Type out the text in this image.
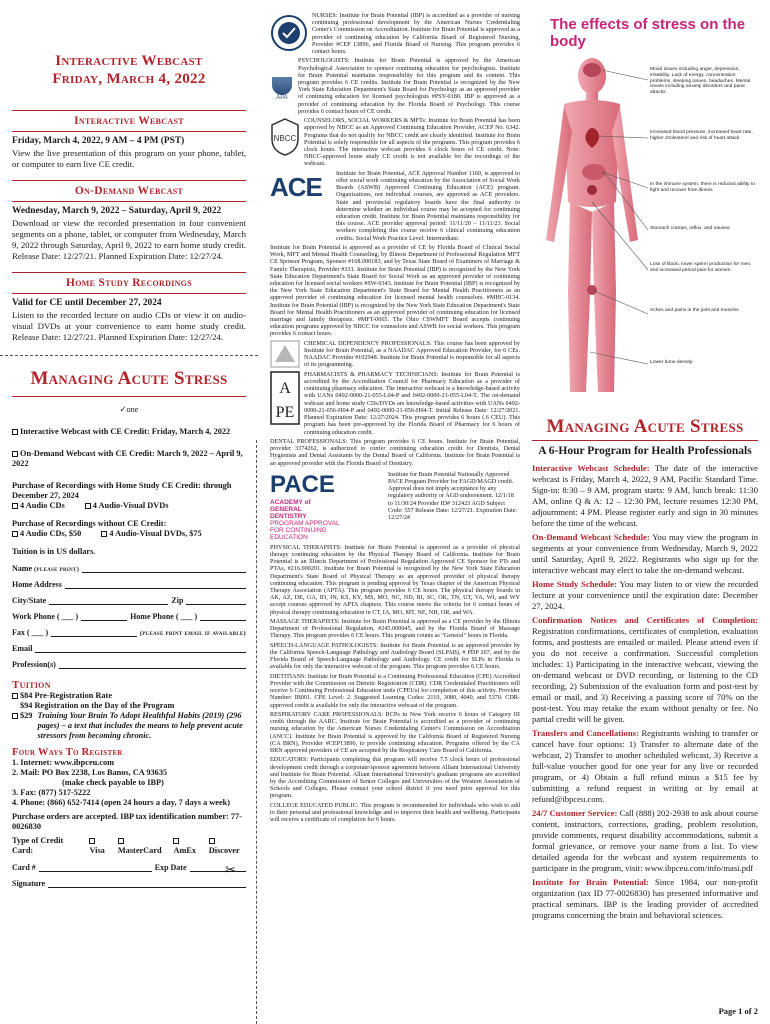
Interactive Webcast
Friday, March 4, 2022
Interactive Webcast
Friday, March 4, 2022, 9 AM – 4 PM (PST)
View the live presentation of this program on your phone, tablet, or computer to earn live CE credit.
On-Demand Webcast
Wednesday, March 9, 2022 – Saturday, April 9, 2022
Download or view the recorded presentation in four convenient segments on a phone, tablet, or computer from Wednesday, March 9, 2022 through Saturday, April 9, 2022 to earn home study credit. Release Date: 12/27/21. Planned Expiration Date: 12/27/24.
Home Study Recordings
Valid for CE until December 27, 2024
Listen to the recorded lecture on audio CDs or view it on audio-visual DVDs at your convenience to earn home study credit. Release Date: 12/27/21. Planned Expiration Date: 12/27/24.
Managing Acute Stress
✓one
Interactive Webcast with CE Credit: Friday, March 4, 2022
On-Demand Webcast with CE Credit: March 9, 2022 – April 9, 2022
Purchase of Recordings with Home Study CE Credit: through December 27, 2024
4 Audio CDs	4 Audio-Visual DVDs
Purchase of Recordings without CE Credit:
4 Audio CDs, $50	4 Audio-Visual DVDs, $75
Tuition is in US dollars.
Name
(please print)
Home Address
City/State	Zip
Work Phone ( ___ )	Home Phone ( ___ )
Fax ( ___ )	(please print email if available)
Email
Profession(s)
Tuition
$84 Pre-Registration Rate
$94 Registration on the Day of the Program
$29 Training Your Brain To Adopt Healthful Habits (2019) (296 pages) – a text that includes the means to help prevent acute stressors from becoming chronic.
Four Ways To Register
1. Internet: www.ibpceu.com
2. Mail: PO Box 2238, Los Banos, CA 93635
(make check payable to IBP)
3. Fax: (877) 517-5222
4. Phone: (866) 652-7414 (open 24 hours a day, 7 days a week)
Purchase orders are accepted. IBP tax identification number: 77-0026830
Type of Credit Card:	Visa	MasterCard	AmEx	Discover
Card #	Exp Date
Signature
✂
NURSES: Institute for Brain Potential (IBP) is accredited as a provider of nursing continuing professional development by the American Nurses Credentialing Center's Commission on Accreditation. Institute for Brain Potential is approved as a provider of continuing education by California Board of Registered Nursing, Provider #CEP 13896, and Florida Board of Nursing. This program provides 6 contact hours.
APA
PSYCHOLOGISTS: Institute for Brain Potential is approved by the American Psychological Association to sponsor continuing education for psychologists. Institute for Brain Potential maintains responsibility for this program and its content. This program provides 6 CE credits. Institute for Brain Potential is recognized by the New York State Education Department's State Board for Psychology as an approved provider of continuing education for licensed psychologists #PSY-0180. IBP is approved as a provider of continuing education by the Florida Board of Psychology. This course provides 6 contact hours of CE credit.
NBCC
COUNSELORS, SOCIAL WORKERS & MFTs: Institute for Brain Potential has been approved by NBCC as an Approved Continuing Education Provider, ACEP No. 6342. Programs that do not qualify for NBCC credit are clearly identified. Institute for Brain Potential is solely responsible for all aspects of the programs. This program provides 6 clock hours. The interactive webcast provides 6 clock hours of CE credit. Note: NBCC-approved home study CE credit is not available for the recordings of the webcast.
ACE	Institute for Brain Potential, ACE Approval Number 1160, is approved to offer social work continuing education by the Association of Social Work Boards (ASWB) Approved Continuing Education (ACE) program. Organizations, not individual courses, are approved as ACE providers. State and provincial regulatory boards have the final authority to determine whether an individual course may be accepted for continuing education credit. Institute for Brain Potential maintains responsibility for this course. ACE provider approval period: 11/11/20 – 11/11/23. Social workers completing this course receive 6 clinical continuing education credits. Social Work Practice Level: Intermediate.
Institute for Brain Potential is approved as a provider of CE by Florida Board of Clinical Social Work, MFT and Mental Health Counseling; by Illinois Department of Professional Regulation MFT CE Sponsor Program, Sponsor #168.000183, and by Texas State Board of Examiners of Marriage & Family Therapists, Provider #331. Institute for Brain Potential (IBP) is recognized by the New York State Education Department's State Board for Social Work as an approved provider of continuing education for licensed social workers #SW-0343. Institute for Brain Potential (IBP) is recognized by the New York State Education Department's State Board for Mental Health Practitioners as an approved provider of continuing education for licensed mental health counselors. #MHC-0134. Institute for Brain Potential (IBP) is recognized by the New York State Education Department's State Board for Mental Health Practitioners as an approved provider of continuing education for licensed marriage and family therapists. #MFT-0065. The Ohio CSWMFT Board accepts continuing education programs approved by NBCC for counselors and ASWB for social workers. This program provides 6 contact hours.
CHEMICAL DEPENDENCY PROFESSIONALS: This course has been approved by Institute for Brain Potential, as a NAADAC Approved Education Provider, for 6 CEs. NAADAC Provider #102948. Institute for Brain Potential is responsible for all aspects of its programming.
A
PE
PHARMACISTS & PHARMACY TECHNICIANS: Institute for Brain Potential is accredited by the Accreditation Council for Pharmacy Education as a provider of continuing pharmacy education. The interactive webcast is a knowledge-based activity with UANs 0492-0000-21-055-L04-P and 0492-0000-21-055-L04-T. The on-demand webcast and home study CDs/DVDs are knowledge-based activities with UANs 0492-0000-21-056-H04-P and 0492-0000-21-056-H04-T. Initial Release Date: 12/27/2021. Planned Expiration Date: 12/27/2024. This program provides 6 hours (.6 CEU). This program has been pre-approved by the Florida Board of Pharmacy for 6 hours of continuing education credit.
DENTAL PROFESSIONALS: This program provides 6 CE hours. Institute for Brain Potential, provider 3374262, is authorized to confer continuing education credit for Dentists, Dental Hygienists and Dental Assistants by the Dental Board of California. Institute for Brain Potential is an approved provider with the Florida Board of Dentistry.
PACE
ACADEMY of GENERAL DENTISTRY
PROGRAM APPROVAL FOR CONTINUING EDUCATION
Institute for Brain Potential Nationally Approved PACE Program Provider for FAGD/MAGD credit. Approval does not imply acceptance by any regulatory authority or AGD endorsement. 12/1/18 to 11/30/24 Provider ID# 312423 AGD Subject Code: 557 Release Date: 12/27/21. Expiration Date: 12/27/24
PHYSICAL THERAPISTS: Institute for Brain Potential is approved as a provider of physical therapy continuing education by the Physical Therapy Board of California. Institute for Brain Potential is an Illinois Department of Professional Regulation Approved CE Sponsor for PTs and PTAs, #216.000201. Institute for Brain Potential is recognized by the New York State Education Department's State Board of Physical Therapy as an approved provider of physical therapy continuing education. This program is pending approval by Texas chapter of the American Physical Therapy Association (APTA). This program provides 6 CE hours. The physical therapy boards in AK, AZ, DE, GA, ID, IN, KS, KY, MS, MO, NC, ND, RI, SC, OK, TN, UT, VA, WI, and WY accept courses approved by APTA chapters. This course meets the criteria for 6 contact hours of physical therapy continuing education in CT, IA, MO, MT, NE, NH, OR, and WA.
MASSAGE THERAPISTS: Institute for Brain Potential is approved as a CE provider by the Illinois Department of Professional Regulation, #245.000045, and by the Florida Board of Massage Therapy. This program provides 6 CE hours. This program counts as "General" hours in Florida.
SPEECH-LANGUAGE PATHOLOGISTS: Institute for Brain Potential is an approved provider by the California Speech-Language Pathology and Audiology Board (SLPAB), # PDP 267, and by the Florida Board of Speech-Language Pathology and Audiology. CE credit for SLPs in Florida is available for only the interactive webcast of the program. This program provides 6 CE hours.
DIETITIANS: Institute for Brain Potential is a Continuing Professional Education (CPE) Accredited Provider with the Commission on Dietetic Registration (CDR). CDR Credentialed Practitioners will receive 6 Continuing Professional Education units (CPEUs) for completion of this activity. Provider Number: IB001. CPE Level: 2. Suggested Learning Codes: 2110, 3080, 4040, and 5370. CDR-approved credit is available for only the interactive webcast of the program.
RESPIRATORY CARE PROFESSIONALS: RCPs in New York receive 6 hours of Category III credit through the AARC. Institute for Brain Potential is accredited as a provider of continuing nursing education by the American Nurses Credentialing Center's Commission on Accreditation (ANCC). Institute for Brain Potential is approved by the California Board of Registered Nursing (CA BRN), Provider #CEP13896, to provide continuing education. Programs offered by the CA BRN approved providers of CE are accepted by the Respiratory Care Board of California.
EDUCATORS: Participants completing this program will receive 7.5 clock hours of professional development credit through a corporate/sponsor agreement between Alliant International University and Institute for Brain Potential. Alliant International University's graduate programs are accredited by the Accrediting Commission of Senior Colleges and Universities of the Western Association of Schools and Colleges. Please contact your school district if you need prior approval for this program.
COLLEGE EDUCATED PUBLIC: This program is recommended for individuals who wish to add to their personal and professional knowledge and to improve their health and wellbeing. Participants will receive a certificate of completion for 6 hours.
The effects of stress on the body
Mood issues including anger, depression, irritability. Lack of energy, concentration problems, sleeping issues, headaches. Mental issues including anxiety disorders and panic attacks.
Increased blood pressure, increased heart rate, higher cholesterol and risk of heart attack
In the immune system, there is reduced ability to fight and recover from illness
Stomach cramps, reflux, and nausea
Loss of libido, lower sperm production for men, and increased period pain for women
Aches and pains in the joint and muscles
Lower bone density
Managing Acute Stress
A 6-Hour Program for Health Professionals
Interactive Webcast Schedule: The date of the interactive webcast is Friday, March 4, 2022, 9 AM, Pacific Standard Time. Sign-in: 8:30 – 9 AM, program starts: 9 AM, lunch break: 11:30 AM, online Q & A: 12 – 12:30 PM, lecture resumes 12:30 PM, adjournment: 4 PM. Please register early and sign in 30 minutes before the time of the webcast.
On-Demand Webcast Schedule: You may view the program in segments at your convenience from Wednesday, March 9, 2022 until Saturday, April 9, 2022. Registrants who sign up for the interactive webcast may elect to take the on-demand webcast.
Home Study Schedule: You may listen to or view the recorded lecture at your convenience until the expiration date: December 27, 2024.
Confirmation Notices and Certificates of Completion: Registration confirmations, certificates of completion, evaluation forms, and posttests are emailed or mailed. Please attend even if you do not receive a confirmation. Successful completion includes: 1) Participating in the interactive webcast, viewing the on-demand webcast or DVD recording, or listening to the CD recording, 2) Submission of the evaluation form and post-test by email or mail, and 3) Receiving a passing score of 70% on the post-test. You may retake the exam without penalty or fee. No partial credit will be given.
Transfers and Cancellations: Registrants wishing to transfer or cancel have four options: 1) Transfer to alternate date of the webcast, 2) Transfer to another scheduled webcast, 3) Receive a full-value voucher good for one year for any live or recorded program, or 4) Obtain a full refund minus a $15 fee by submitting a refund request in writing or by email at refund@ibpceu.com.
24/7 Customer Service: Call (888) 202-2938 to ask about course content, instructors, corrections, grading, problem resolution, provide comments, request disability accommodations, submit a formal grievance, or remove your name from a list. To view detailed agenda for the webcast and system requirements to participate in the program, visit: www.ibpceu.com/info/masi.pdf
Institute for Brain Potential: Since 1984, our non-profit organization (tax ID 77-0026830) has presented informative and practical seminars. IBP is the leading provider of accredited programs concerning the brain and behavioral sciences.
Page 1 of 2
